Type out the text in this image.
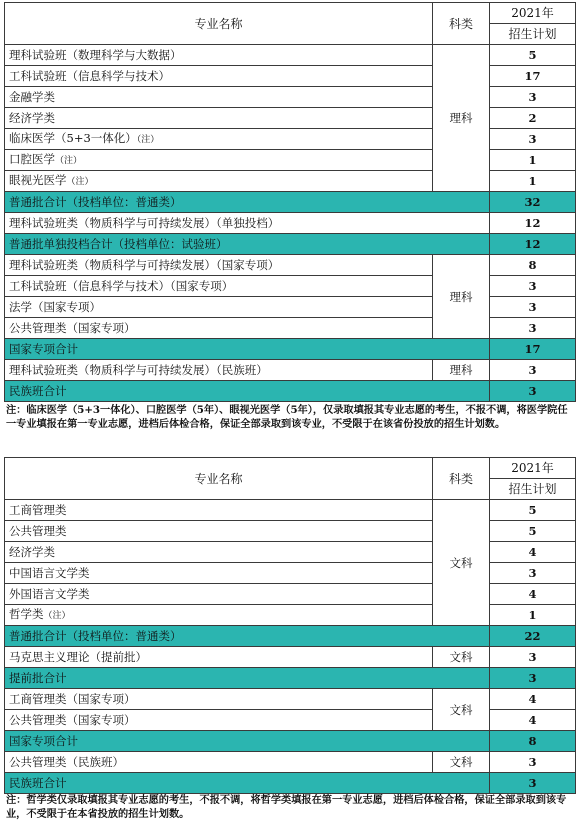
专业名称	科类	2021年
		招生计划
理科试验班（数理科学与大数据）	理科	5
工科试验班（信息科学与技术）		17
金融学类		3
经济学类		2
临床医学（5+3一体化）（注）		3
口腔医学（注）		1
眼视光医学（注）		1
普通批合计（投档单位：普通类）		32
理科试验班类（物质科学与可持续发展）（单独投档）		12
普通批单独投档合计（投档单位：试验班）		12
理科试验班类（物质科学与可持续发展）（国家专项）	理科	8
工科试验班（信息科学与技术）（国家专项）		3
法学（国家专项）		3
公共管理类（国家专项）		3
国家专项合计		17
理科试验班类（物质科学与可持续发展）（民族班）	理科	3
民族班合计		3
注：临床医学（5+3一体化）、口腔医学（5年）、眼视光医学（5年），仅录取填报其专业志愿的考生，不报不调，将医学院任一专业填报在第一专业志愿，进档后体检合格，保证全部录取到该专业，不受限于在该省份投放的招生计划数。
专业名称	科类	2021年
		招生计划
工商管理类	文科	5
公共管理类		5
经济学类		4
中国语言文学类		3
外国语言文学类		4
哲学类（注）		1
普通批合计（投档单位：普通类）		22
马克思主义理论（提前批）	文科	3
提前批合计		3
工商管理类（国家专项）	文科	4
公共管理类（国家专项）		4
国家专项合计		8
公共管理类（民族班）	文科	3
民族班合计		3
注：哲学类仅录取填报其专业志愿的考生，不报不调，将哲学类填报在第一专业志愿，进档后体检合格，保证全部录取到该专业，不受限于在本省投放的招生计划数。
